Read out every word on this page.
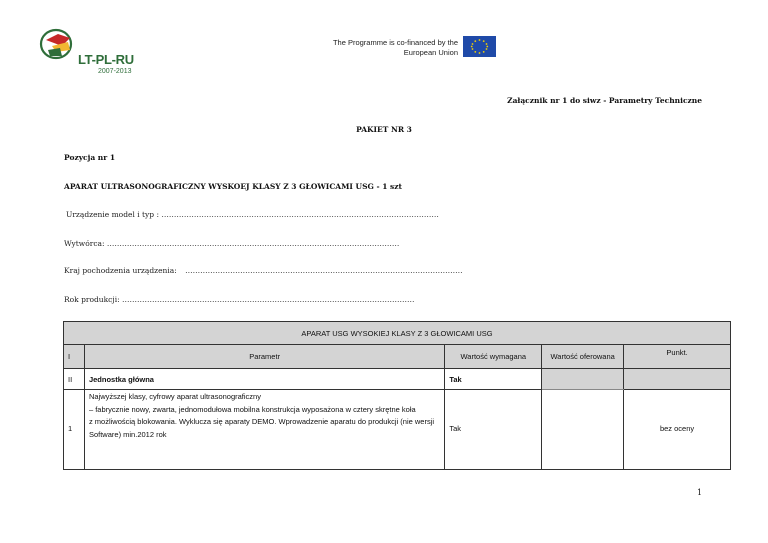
LT-PL-RU
2007-2013
The Programme is co-financed by the
European Union
Załącznik nr 1 do siwz - Parametry Techniczne
PAKIET NR 3
Pozycja nr 1
APARAT ULTRASONOGRAFICZNY WYSKOEJ KLASY Z 3 GŁOWICAMI USG - 1 szt
Urządzenie model i typ : …………………………………………………………………………………………………
Wytwórca: ………………………………………………………………………………………………………
Kraj pochodzenia urządzenia: …………………………………………………………………………………………………
Rok produkcji: ………………………………………………………………………………………………………
APARAT USG WYSOKIEJ KLASY Z 3 GŁOWICAMI USG				
I	Parametr	Wartość wymagana	Wartość oferowana	Punkt.
II	Jednostka główna	Tak		
1	Najwyższej klasy, cyfrowy aparat ultrasonograficzny
– fabrycznie nowy, zwarta, jednomodułowa mobilna konstrukcja wyposażona w cztery skrętne koła
z możliwością blokowania. Wyklucza się aparaty DEMO. Wprowadzenie aparatu do produkcji (nie wersji
Software) min.2012 rok	Tak		bez oceny
1
